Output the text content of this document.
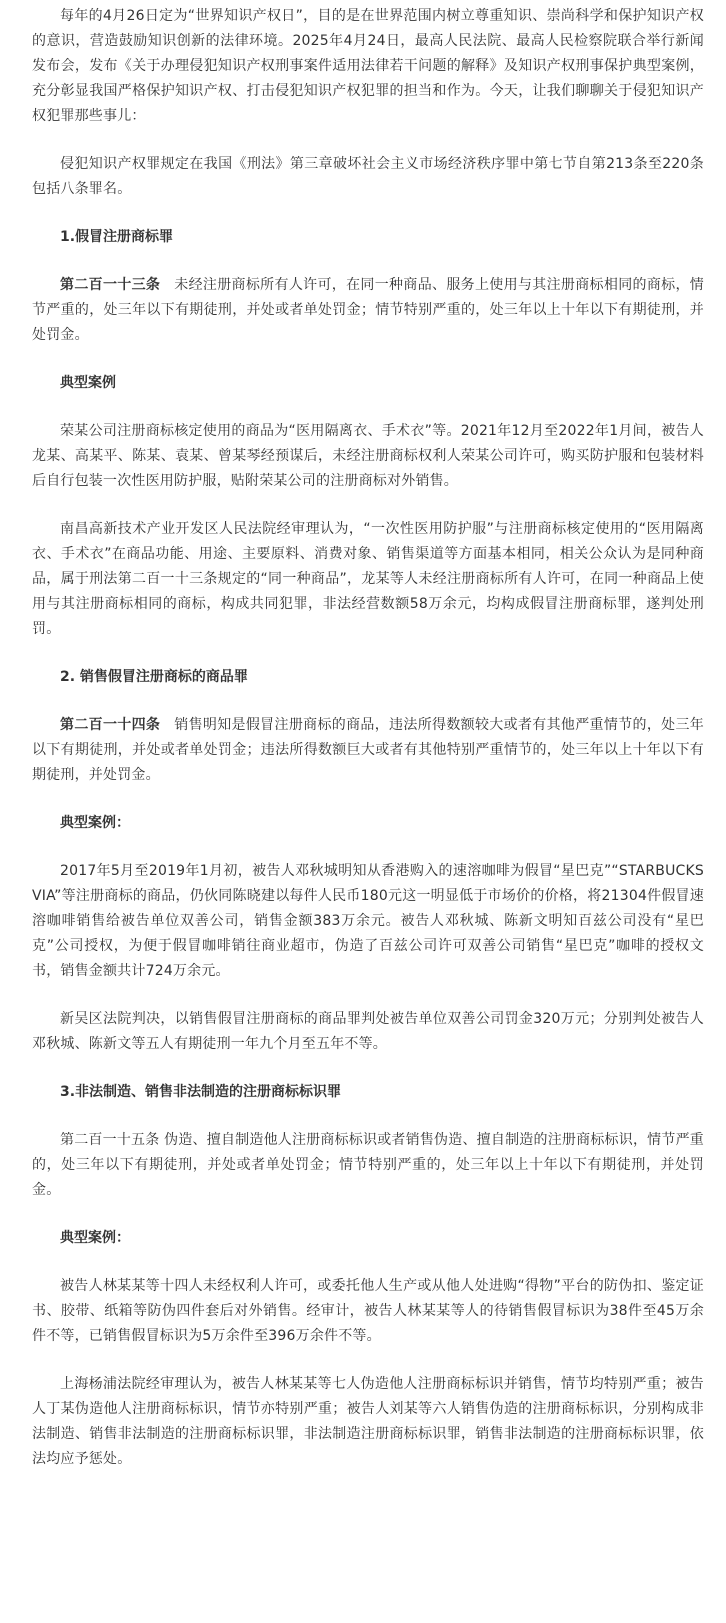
每年的4月26日定为“世界知识产权日”，目的是在世界范围内树立尊重知识、崇尚科学和保护知识产权的意识，营造鼓励知识创新的法律环境。2025年4月24日，最高人民法院、最高人民检察院联合举行新闻发布会，发布《关于办理侵犯知识产权刑事案件适用法律若干问题的解释》及知识产权刑事保护典型案例，充分彰显我国严格保护知识产权、打击侵犯知识产权犯罪的担当和作为。今天，让我们聊聊关于侵犯知识产权犯罪那些事儿：

侵犯知识产权罪规定在我国《刑法》第三章破坏社会主义市场经济秩序罪中第七节自第213条至220条包括八条罪名。

1.假冒注册商标罪

第二百一十三条 未经注册商标所有人许可，在同一种商品、服务上使用与其注册商标相同的商标，情节严重的，处三年以下有期徒刑，并处或者单处罚金；情节特别严重的，处三年以上十年以下有期徒刑，并处罚金。

典型案例

荣某公司注册商标核定使用的商品为“医用隔离衣、手术衣”等。2021年12月至2022年1月间，被告人龙某、高某平、陈某、袁某、曾某琴经预谋后，未经注册商标权利人荣某公司许可，购买防护服和包装材料后自行包装一次性医用防护服，贴附荣某公司的注册商标对外销售。

南昌高新技术产业开发区人民法院经审理认为，“一次性医用防护服”与注册商标核定使用的“医用隔离衣、手术衣”在商品功能、用途、主要原料、消费对象、销售渠道等方面基本相同，相关公众认为是同种商品，属于刑法第二百一十三条规定的“同一种商品”，龙某等人未经注册商标所有人许可，在同一种商品上使用与其注册商标相同的商标，构成共同犯罪，非法经营数额58万余元，均构成假冒注册商标罪，遂判处刑罚。

2. 销售假冒注册商标的商品罪

第二百一十四条 销售明知是假冒注册商标的商品，违法所得数额较大或者有其他严重情节的，处三年以下有期徒刑，并处或者单处罚金；违法所得数额巨大或者有其他特别严重情节的，处三年以上十年以下有期徒刑，并处罚金。

典型案例：

2017年5月至2019年1月初，被告人邓秋城明知从香港购入的速溶咖啡为假冒“星巴克”“STARBUCKS VIA”等注册商标的商品，仍伙同陈晓建以每件人民币180元这一明显低于市场价的价格，将21304件假冒速溶咖啡销售给被告单位双善公司，销售金额383万余元。被告人邓秋城、陈新文明知百兹公司没有“星巴克”公司授权，为便于假冒咖啡销往商业超市，伪造了百兹公司许可双善公司销售“星巴克”咖啡的授权文书，销售金额共计724万余元。

新吴区法院判决，以销售假冒注册商标的商品罪判处被告单位双善公司罚金320万元；分别判处被告人邓秋城、陈新文等五人有期徒刑一年九个月至五年不等。

3.非法制造、销售非法制造的注册商标标识罪

第二百一十五条 伪造、擅自制造他人注册商标标识或者销售伪造、擅自制造的注册商标标识，情节严重的，处三年以下有期徒刑，并处或者单处罚金；情节特别严重的，处三年以上十年以下有期徒刑，并处罚金。

典型案例：

被告人林某某等十四人未经权利人许可，或委托他人生产或从他人处进购“得物”平台的防伪扣、鉴定证书、胶带、纸箱等防伪四件套后对外销售。经审计，被告人林某某等人的待销售假冒标识为38件至45万余件不等，已销售假冒标识为5万余件至396万余件不等。

上海杨浦法院经审理认为，被告人林某某等七人伪造他人注册商标标识并销售，情节均特别严重；被告人丁某伪造他人注册商标标识，情节亦特别严重；被告人刘某等六人销售伪造的注册商标标识，分别构成非法制造、销售非法制造的注册商标标识罪，非法制造注册商标标识罪，销售非法制造的注册商标标识罪，依法均应予惩处。
